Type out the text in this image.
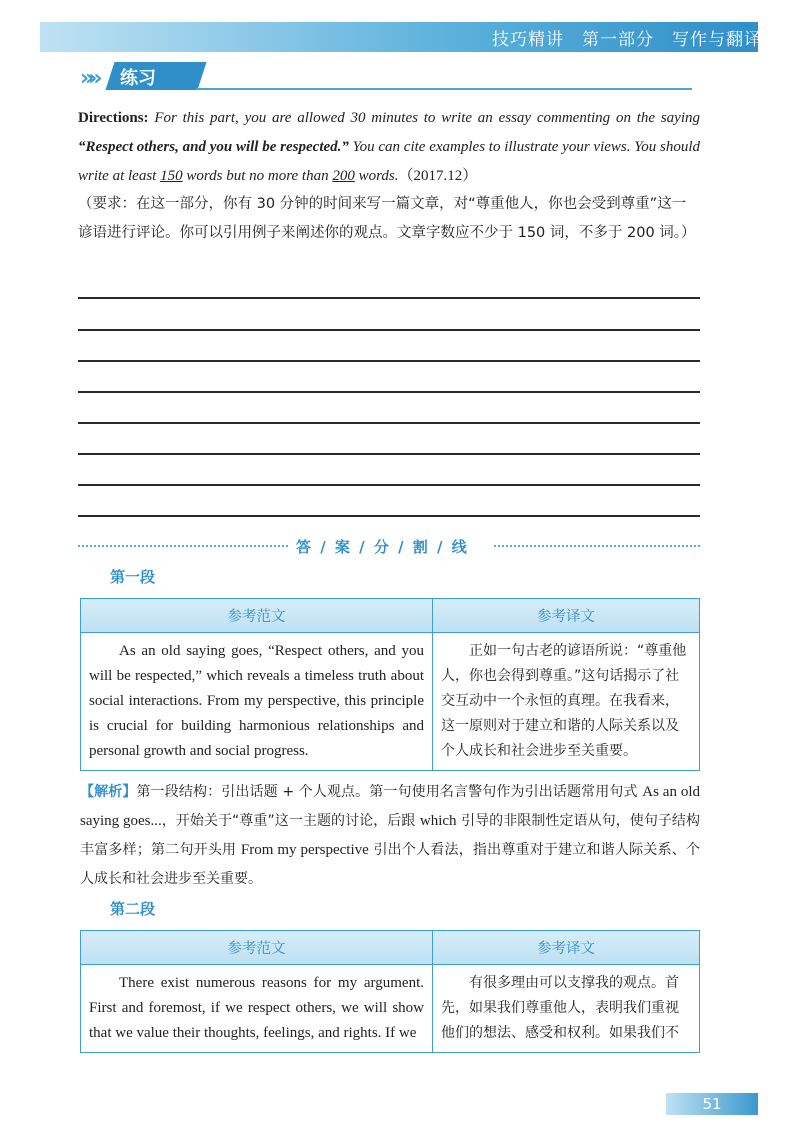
技巧精讲　第一部分　写作与翻译
»» 练习
Directions: For this part, you are allowed 30 minutes to write an essay commenting on the saying “Respect others, and you will be respected.” You can cite examples to illustrate your views. You should write at least 150 words but no more than 200 words.（2017.12）
（要求：在这一部分，你有 30 分钟的时间来写一篇文章，对“尊重他人，你也会受到尊重”这一谚语进行评论。你可以引用例子来阐述你的观点。文章字数应不少于 150 词，不多于 200 词。）
答 / 案 / 分 / 割 / 线
第一段
参考范文	参考译文
As an old saying goes, “Respect others, and you will be respected,” which reveals a timeless truth about social interactions. From my perspective, this principle is crucial for building harmonious relationships and personal growth and social progress.	正如一句古老的谚语所说：“尊重他人，你也会得到尊重。”这句话揭示了社交互动中一个永恒的真理。在我看来，这一原则对于建立和谐的人际关系以及个人成长和社会进步至关重要。
【解析】第一段结构：引出话题 + 个人观点。第一句使用名言警句作为引出话题常用句式 As an old saying goes...，开始关于“尊重”这一主题的讨论，后跟 which 引导的非限制性定语从句，使句子结构丰富多样；第二句开头用 From my perspective 引出个人看法，指出尊重对于建立和谐人际关系、个人成长和社会进步至关重要。
第二段
参考范文	参考译文
There exist numerous reasons for my argument. First and foremost, if we respect others, we will show that we value their thoughts, feelings, and rights. If we	有很多理由可以支撑我的观点。首先，如果我们尊重他人，表明我们重视他们的想法、感受和权利。如果我们不
51
